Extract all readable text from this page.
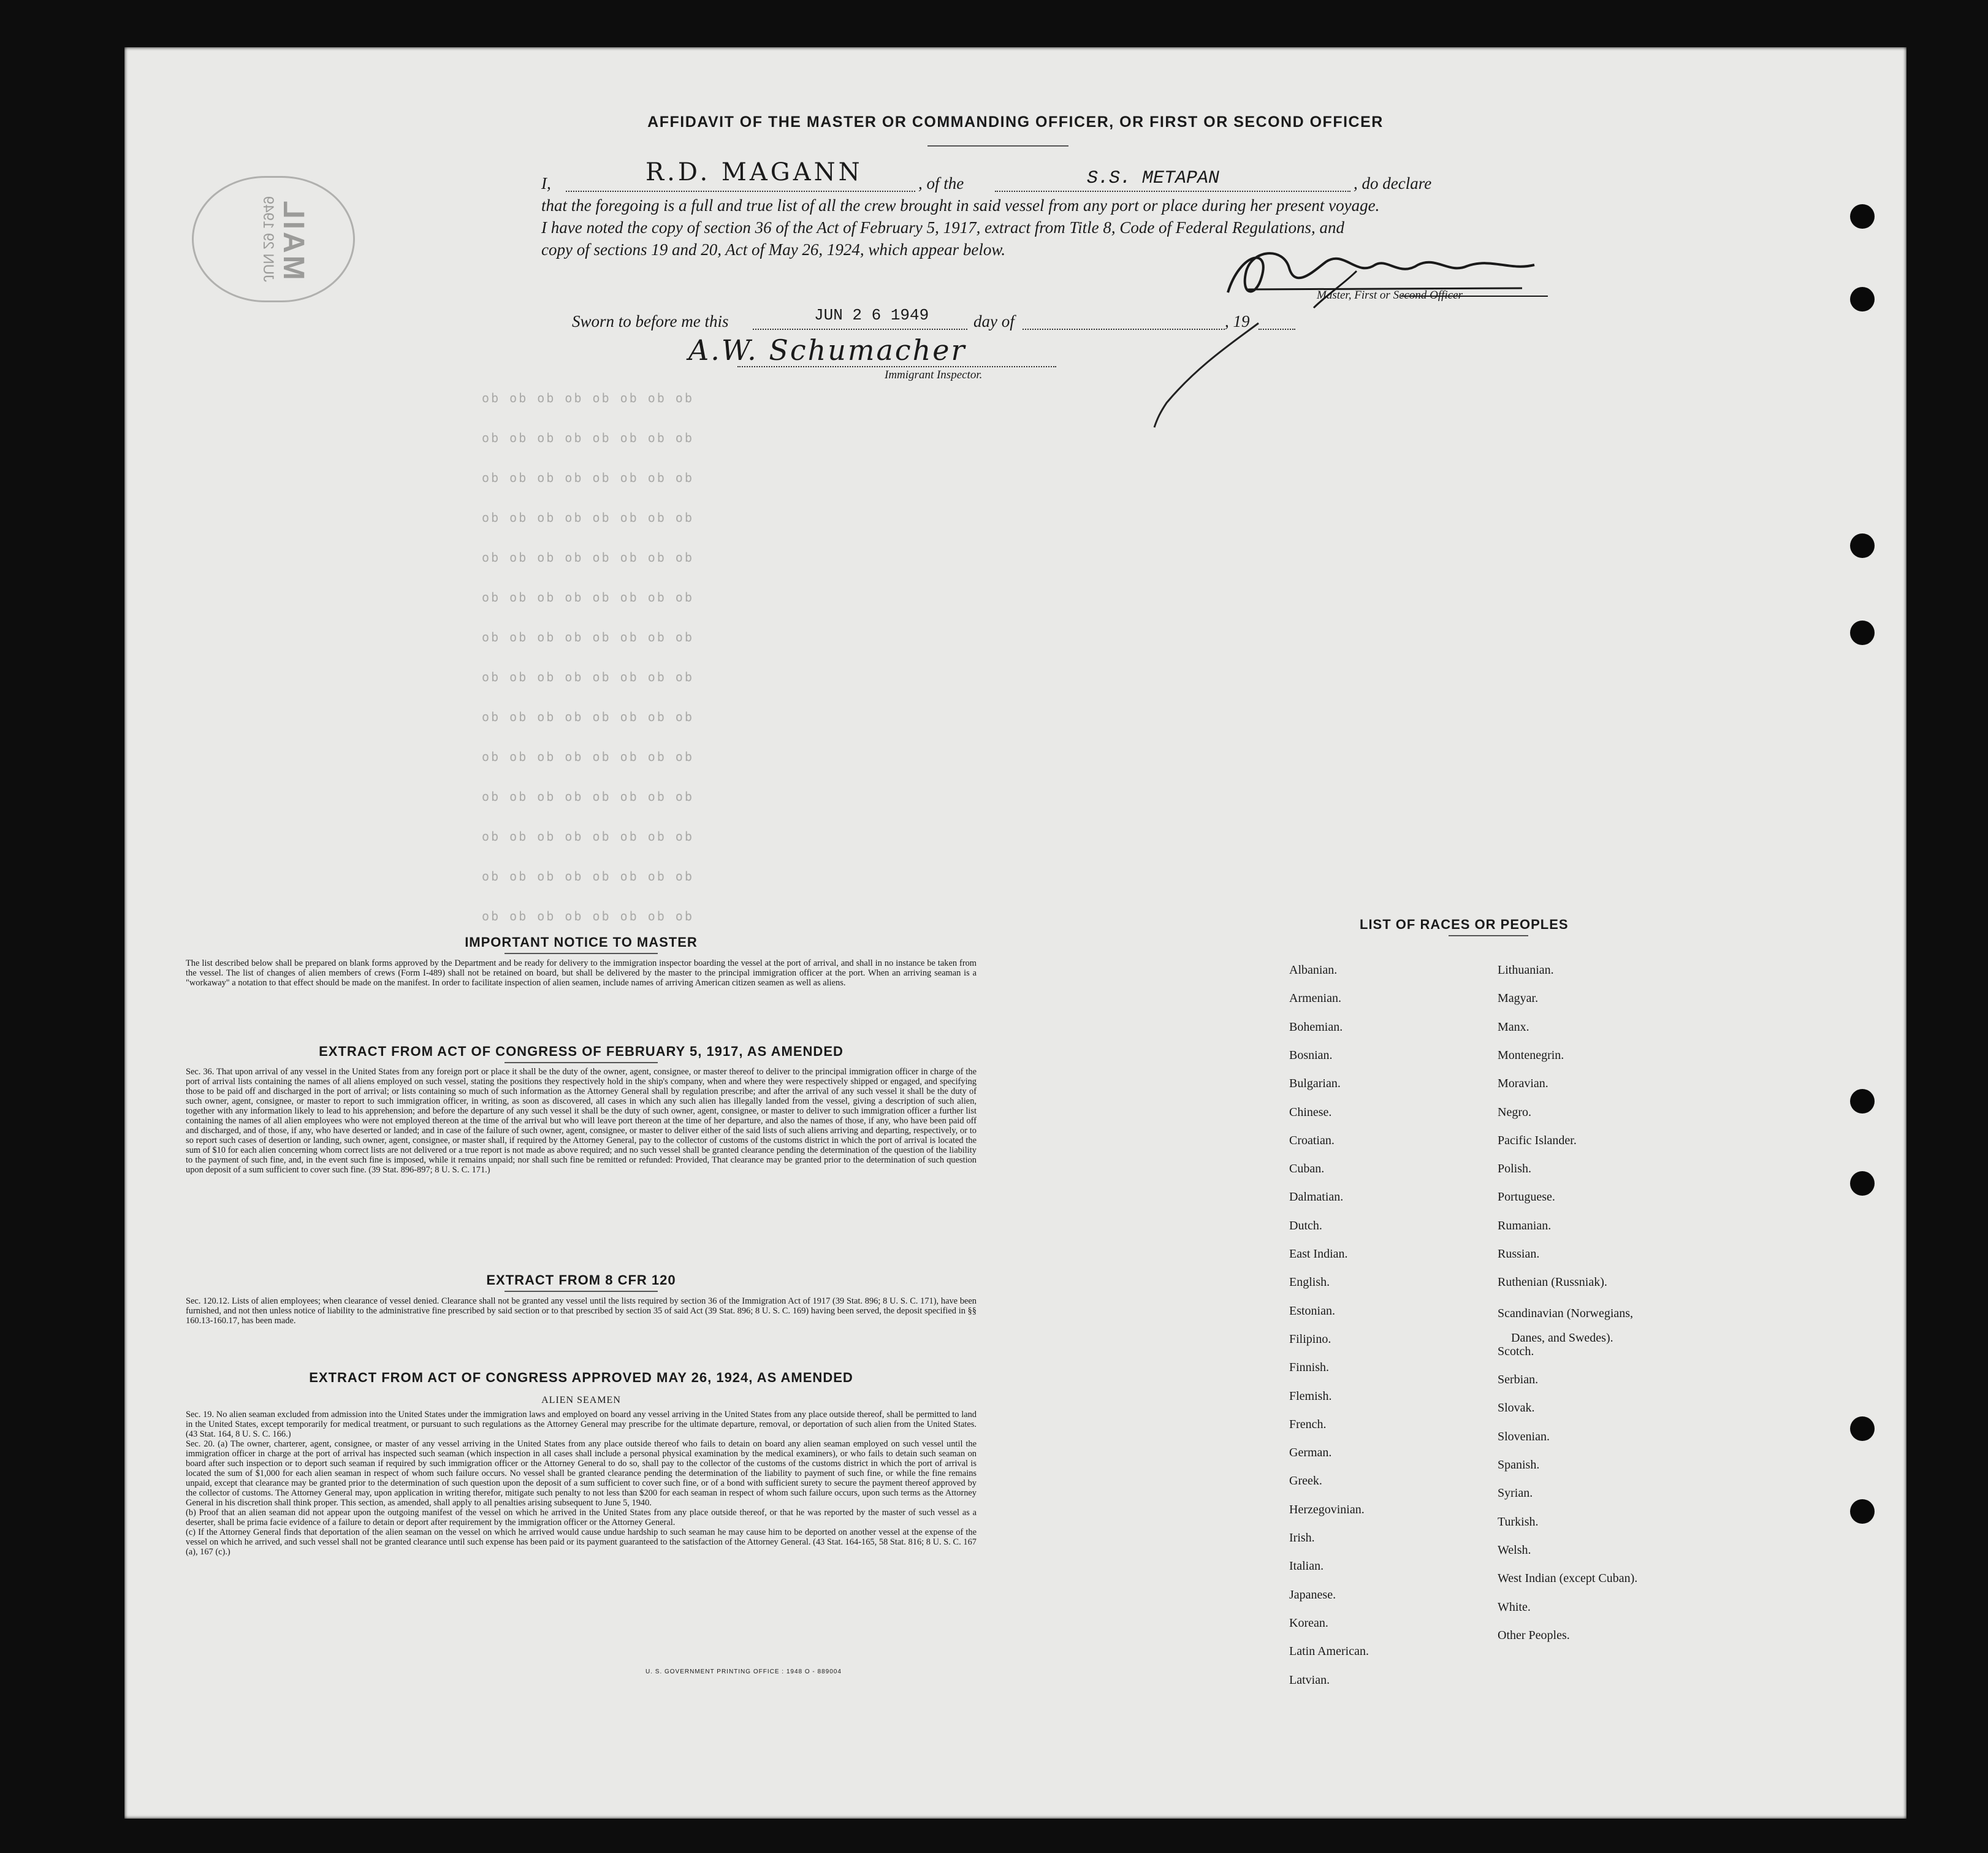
do do do do do do do do
do do do do do do do do
do do do do do do do do
do do do do do do do do
do do do do do do do do
do do do do do do do do
do do do do do do do do
do do do do do do do do
do do do do do do do do
do do do do do do do do
do do do do do do do do
do do do do do do do do
do do do do do do do do
do do do do do do do do
MAIL
JUN 29 1949
AFFIDAVIT OF THE MASTER OR COMMANDING OFFICER, OR FIRST OR SECOND OFFICER
I,	R.D. MAGANN	, of the	S.S. METAPAN	, do declare
that the foregoing is a full and true list of all the crew brought in said vessel from any port or place during her present voyage.
I have noted the copy of section 36 of the Act of February 5, 1917, extract from Title 8, Code of Federal Regulations, and
copy of sections 19 and 20, Act of May 26, 1924, which appear below.
Master, First or Second Officer
Sworn to before me this	JUN 2 6 1949	day of	, 19
A.W. Schumacher
Immigrant Inspector.
IMPORTANT NOTICE TO MASTER
The list described below shall be prepared on blank forms approved by the Department and be ready for delivery to the immigration inspector boarding the vessel at the port of arrival, and shall in no instance be taken from the vessel. The list of changes of alien members of crews (Form I-489) shall not be retained on board, but shall be delivered by the master to the principal immigration officer at the port. When an arriving seaman is a "workaway" a notation to that effect should be made on the manifest. In order to facilitate inspection of alien seamen, include names of arriving American citizen seamen as well as aliens.
EXTRACT FROM ACT OF CONGRESS OF FEBRUARY 5, 1917, AS AMENDED
Sec. 36. That upon arrival of any vessel in the United States from any foreign port or place it shall be the duty of the owner, agent, consignee, or master thereof to deliver to the principal immigration officer in charge of the port of arrival lists containing the names of all aliens employed on such vessel, stating the positions they respectively hold in the ship's company, when and where they were respectively shipped or engaged, and specifying those to be paid off and discharged in the port of arrival; or lists containing so much of such information as the Attorney General shall by regulation prescribe; and after the arrival of any such vessel it shall be the duty of such owner, agent, consignee, or master to report to such immigration officer, in writing, as soon as discovered, all cases in which any such alien has illegally landed from the vessel, giving a description of such alien, together with any information likely to lead to his apprehension; and before the departure of any such vessel it shall be the duty of such owner, agent, consignee, or master to deliver to such immigration officer a further list containing the names of all alien employees who were not employed thereon at the time of the arrival but who will leave port thereon at the time of her departure, and also the names of those, if any, who have been paid off and discharged, and of those, if any, who have deserted or landed; and in case of the failure of such owner, agent, consignee, or master to deliver either of the said lists of such aliens arriving and departing, respectively, or to so report such cases of desertion or landing, such owner, agent, consignee, or master shall, if required by the Attorney General, pay to the collector of customs of the customs district in which the port of arrival is located the sum of $10 for each alien concerning whom correct lists are not delivered or a true report is not made as above required; and no such vessel shall be granted clearance pending the determination of the question of the liability to the payment of such fine, and, in the event such fine is imposed, while it remains unpaid; nor shall such fine be remitted or refunded: Provided, That clearance may be granted prior to the determination of such question upon deposit of a sum sufficient to cover such fine. (39 Stat. 896-897; 8 U. S. C. 171.)
EXTRACT FROM 8 CFR 120
Sec. 120.12. Lists of alien employees; when clearance of vessel denied. Clearance shall not be granted any vessel until the lists required by section 36 of the Immigration Act of 1917 (39 Stat. 896; 8 U. S. C. 171), have been furnished, and not then unless notice of liability to the administrative fine prescribed by said section or to that prescribed by section 35 of said Act (39 Stat. 896; 8 U. S. C. 169) having been served, the deposit specified in §§ 160.13-160.17, has been made.
EXTRACT FROM ACT OF CONGRESS APPROVED MAY 26, 1924, AS AMENDED
ALIEN SEAMEN
Sec. 19. No alien seaman excluded from admission into the United States under the immigration laws and employed on board any vessel arriving in the United States from any place outside thereof, shall be permitted to land in the United States, except temporarily for medical treatment, or pursuant to such regulations as the Attorney General may prescribe for the ultimate departure, removal, or deportation of such alien from the United States. (43 Stat. 164, 8 U. S. C. 166.)
Sec. 20. (a) The owner, charterer, agent, consignee, or master of any vessel arriving in the United States from any place outside thereof who fails to detain on board any alien seaman employed on such vessel until the immigration officer in charge at the port of arrival has inspected such seaman (which inspection in all cases shall include a personal physical examination by the medical examiners), or who fails to detain such seaman on board after such inspection or to deport such seaman if required by such immigration officer or the Attorney General to do so, shall pay to the collector of the customs of the customs district in which the port of arrival is located the sum of $1,000 for each alien seaman in respect of whom such failure occurs. No vessel shall be granted clearance pending the determination of the liability to payment of such fine, or while the fine remains unpaid, except that clearance may be granted prior to the determination of such question upon the deposit of a sum sufficient to cover such fine, or of a bond with sufficient surety to secure the payment thereof approved by the collector of customs. The Attorney General may, upon application in writing therefor, mitigate such penalty to not less than $200 for each seaman in respect of whom such failure occurs, upon such terms as the Attorney General in his discretion shall think proper. This section, as amended, shall apply to all penalties arising subsequent to June 5, 1940.
(b) Proof that an alien seaman did not appear upon the outgoing manifest of the vessel on which he arrived in the United States from any place outside thereof, or that he was reported by the master of such vessel as a deserter, shall be prima facie evidence of a failure to detain or deport after requirement by the immigration officer or the Attorney General.
(c) If the Attorney General finds that deportation of the alien seaman on the vessel on which he arrived would cause undue hardship to such seaman he may cause him to be deported on another vessel at the expense of the vessel on which he arrived, and such vessel shall not be granted clearance until such expense has been paid or its payment guaranteed to the satisfaction of the Attorney General. (43 Stat. 164-165, 58 Stat. 816; 8 U. S. C. 167 (a), 167 (c).)
U. S. GOVERNMENT PRINTING OFFICE : 1948 O - 889004
LIST OF RACES OR PEOPLES
Albanian.
Armenian.
Bohemian.
Bosnian.
Bulgarian.
Chinese.
Croatian.
Cuban.
Dalmatian.
Dutch.
East Indian.
English.
Estonian.
Filipino.
Finnish.
Flemish.
French.
German.
Greek.
Herzegovinian.
Irish.
Italian.
Japanese.
Korean.
Latin American.
Latvian.
Lithuanian.
Magyar.
Manx.
Montenegrin.
Moravian.
Negro.
Pacific Islander.
Polish.
Portuguese.
Rumanian.
Russian.
Ruthenian (Russniak).
Scandinavian (Norwegians,
Danes, and Swedes).
Scotch.
Serbian.
Slovak.
Slovenian.
Spanish.
Syrian.
Turkish.
Welsh.
West Indian (except Cuban).
White.
Other Peoples.
